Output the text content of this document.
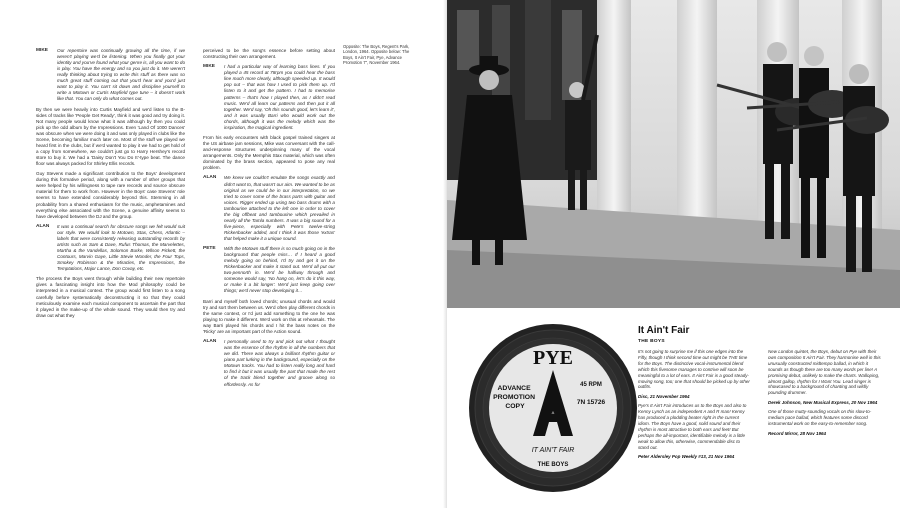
MIKE Our repertoire was continually growing all the time, if we weren't playing we'd be listening. When you finally got your identity and you've found what your genre is, all you want to do is play. You have the energy and so you just do it. We weren't really thinking about trying to write this stuff as there was so much great stuff coming out that you'd hear and you'd just want to play it. You can't sit down and discipline yourself to write a Motown or Curtis Mayfield type tune – it doesn't work like that. You can only do what comes out.

By then we were heavily into Curtis Mayfield and we'd listen to the B-sides of tracks like 'People Get Ready', think it was good and try doing it. Not many people would know what it was although by then you could pick up the odd album by the Impressions. Even 'Land Of 1000 Dances' was obscure when we were doing it and was only played in clubs like the Scene, becoming familiar much later on. Most of the stuff we played we heard first in the clubs, but if we'd wanted to play it we had to get hold of a copy from somewhere, we couldn't just go to Harry Hershey's record store to buy it. We had a 'Daisy Don't You Do It'-type beat. The dance floor was always packed for Shirley Ellis records.

Guy Stevens made a significant contribution to the Boys' development during this formative period, along with a number of other groups that were helped by his willingness to tape rare records and source obscure material for them to work from. However in the Boys' case Stevens' role seems to have extended considerably beyond this. Stemming in all probability from a shared enthusiasm for the music, amphetamines and everything else associated with the Scene, a genuine affinity seems to have developed between the DJ and the group.

ALAN It was a continual search for obscure songs we felt would suit our style. We would look to Motown, Stax, Chess, Atlantic – labels that were consistently releasing outstanding records by artists such as Sam & Dave, Rufus Thomas, the Marvelettes, Martha & the Vandellas, Solomon Burke, Wilson Pickett, the Contours, Marvin Gaye, Little Stevie Wonder, the Four Tops, Smokey Robinson & the Miracles, the Impressions, the Temptations, Major Lance, Don Covay, etc.

The process the Boys went through while building their new repertoire gives a fascinating insight into how the Mod philosophy could be interpreted in a musical context. The group would first listen to a song carefully before systematically deconstructing it so that they could meticulously examine each musical component to ascertain the part that it played in the make-up of the whole sound. They would then try and draw out what they

perceived to be the song's essence before setting about constructing their own arrangement.

MIKE I had a particular way of learning bass lines. If you played a 45 record at 78rpm you could hear the bass line much more clearly, although speeded up. It would pop out – that was how I used to pick them up. I'd listen to it and get the pattern. I had to memorise patterns – that's how I played then, as I didn't read music. We'd all learn our patterns and then put it all together. We'd say, 'Oh this sounds good, let's learn it', and it was usually Barri who would work out the chords, although it was the melody which was the inspiration, the magical ingredient.

From his early encounters with black gospel trained singers at the US airbase jam sessions, Mike was conversant with the call-and-response structures underpinning many of the vocal arrangements. Only the Memphis Stax material, which was often dominated by the brass section, appeared to pose any real problem.

ALAN We knew we couldn't emulate the songs exactly and didn't want to, that wasn't our aim. We wanted to be as original as we could be in our interpretation, so we tried to cover some of the brass parts with guitar and voices. Rigger ended up using two bass drums with a tambourine attached to the left one in order to cover the big offbeat and tambourine which prevailed in nearly all the Tamla numbers. It was a big sound for a five-piece, especially with Pete's twelve-string Rickenbacker added, and I think it was those 'extras' that helped make it a unique sound.
PETE With the Motown stuff there is so much going on in the background that people miss… If I heard a good melody going on behind, I'd try and get it on the Rickenbacker and make it stand out. We'd all put our two-pennorth in. We'd be halfway through and someone would say, 'No hang on, let's do it this way, or make it a bit longer'. We'd just keep going over things; we'd never stop developing it…

Barri and myself both loved chords; unusual chords and would try and sort them between us. We'd often play different chords in the same context, or I'd just add something to the one he was playing to make it different. We'd work on this at rehearsals. The way Barri played his chords and I hit the bass notes on the 'Ricky' are an important part of the Action sound.

ALAN I personally used to try and pick out what I thought was the essence of the rhythm in all the numbers that we did. There was always a brilliant rhythm guitar or piano part lurking in the background, especially on the Motown tracks. You had to listen really long and hard to find it but it was usually the part that made the rest of the track blend together and groove along so effortlessly. As for
Opposite: The Boys, Regent's Park, London, 1964. Opposite below: The Boys, It Ain't Fair, Pye, Advance Promotion 7", November 1964.
PYE
ADVANCE PROMOTION COPY
45 RPM
7N 15726
A
IT AIN'T FAIR
THE BOYS
It Ain't Fair
THE BOYS

It's not going to surprise me if this one edges into the Fifty, though I think second time out might be THE time for the Boys. The distinctive vocal-instrumental blend which this fivesome manages to contrive will soon be meaningful to a lot of ears. It Ain't Fair is a good steady-moving song, too; one that should be picked up by other outfits.

Disc, 21 November 1964

Pye's It Ain't Fair introduces us to the Boys and also to Kenny Lynch as an independent A and R man! Kenny has produced a plodding beater right in the current idiom. The Boys have a good, solid sound and their rhythm is most attractive to both ears and feet! But perhaps the all-important, identifiable melody is a little weak to allow this, otherwise, commendable disc to stand out.

Peter Aldersley Pop Weekly #13, 21 Nov 1964

New London quintet, the Boys, debut on Pye with their own composition It Ain't Fair. They harmonise well in this unusually constructed midtempo ballad, in which it sounds as though there are too many words per line! A promising debut, unlikely to make the charts. Walloping, almost gallop, rhythm for I Want You. Lead singer is showcased to a background of chanting and wildly pounding drummer.

Derek Johnson, New Musical Express, 20 Nov 1964

One of those mutty-sounding vocals on this slow-to-medium pace ballad, which features some discord instrumental work on the easy-to-remember song.

Record Mirror, 28 Nov 1964
